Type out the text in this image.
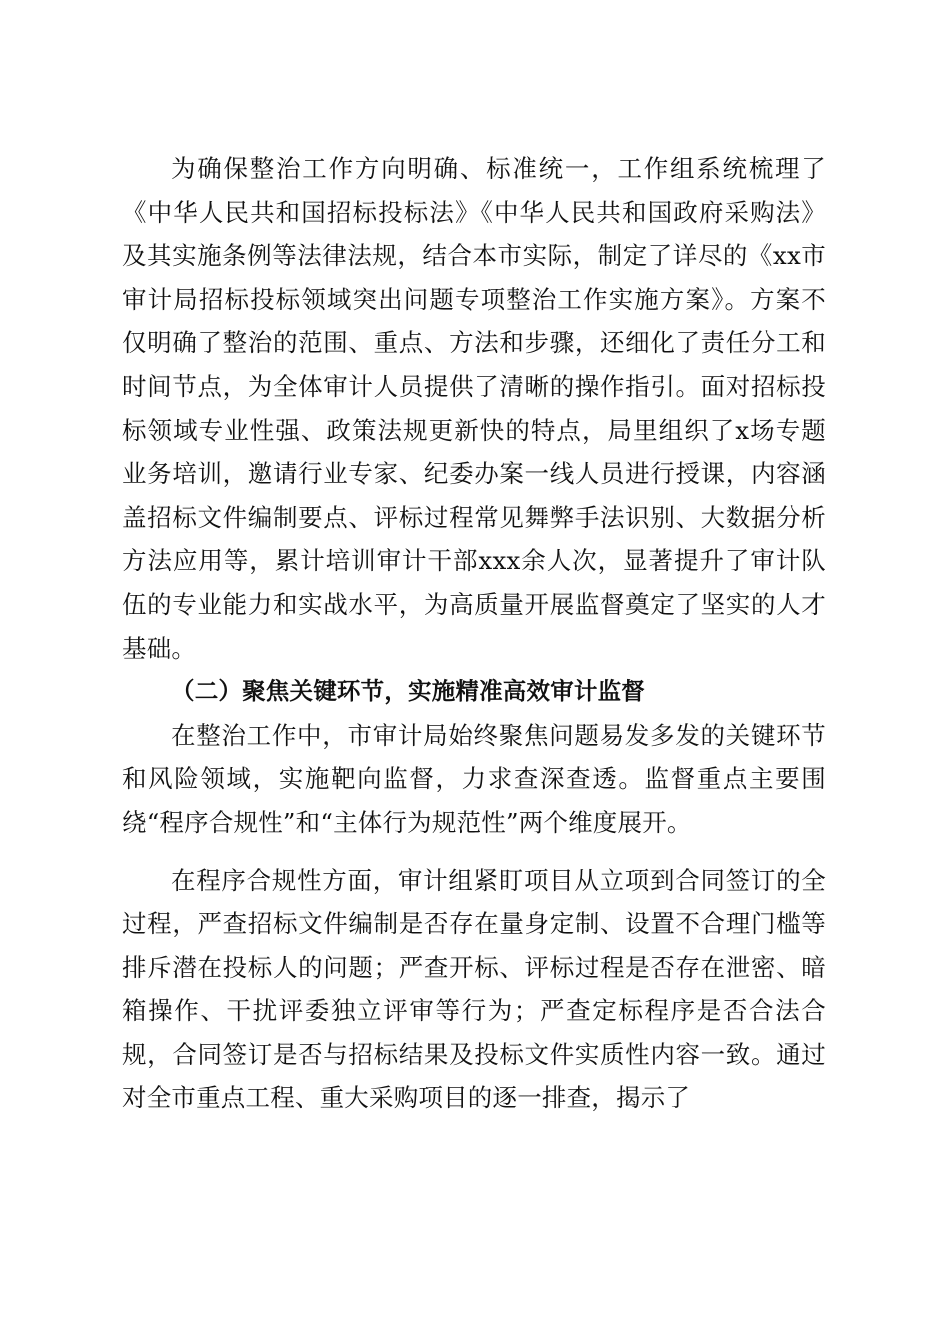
为确保整治工作方向明确、标准统一，工作组系统梳理了《中华人民共和国招标投标法》《中华人民共和国政府采购法》及其实施条例等法律法规，结合本市实际，制定了详尽的《xx市审计局招标投标领域突出问题专项整治工作实施方案》。方案不仅明确了整治的范围、重点、方法和步骤，还细化了责任分工和时间节点，为全体审计人员提供了清晰的操作指引。面对招标投标领域专业性强、政策法规更新快的特点，局里组织了x场专题业务培训，邀请行业专家、纪委办案一线人员进行授课，内容涵盖招标文件编制要点、评标过程常见舞弊手法识别、大数据分析方法应用等，累计培训审计干部xxx余人次，显著提升了审计队伍的专业能力和实战水平，为高质量开展监督奠定了坚实的人才基础。

（二）聚焦关键环节，实施精准高效审计监督

在整治工作中，市审计局始终聚焦问题易发多发的关键环节和风险领域，实施靶向监督，力求查深查透。监督重点主要围绕“程序合规性”和“主体行为规范性”两个维度展开。

在程序合规性方面，审计组紧盯项目从立项到合同签订的全过程，严查招标文件编制是否存在量身定制、设置不合理门槛等排斥潜在投标人的问题；严查开标、评标过程是否存在泄密、暗箱操作、干扰评委独立评审等行为；严查定标程序是否合法合规，合同签订是否与招标结果及投标文件实质性内容一致。通过对全市重点工程、重大采购项目的逐一排查，揭示了
